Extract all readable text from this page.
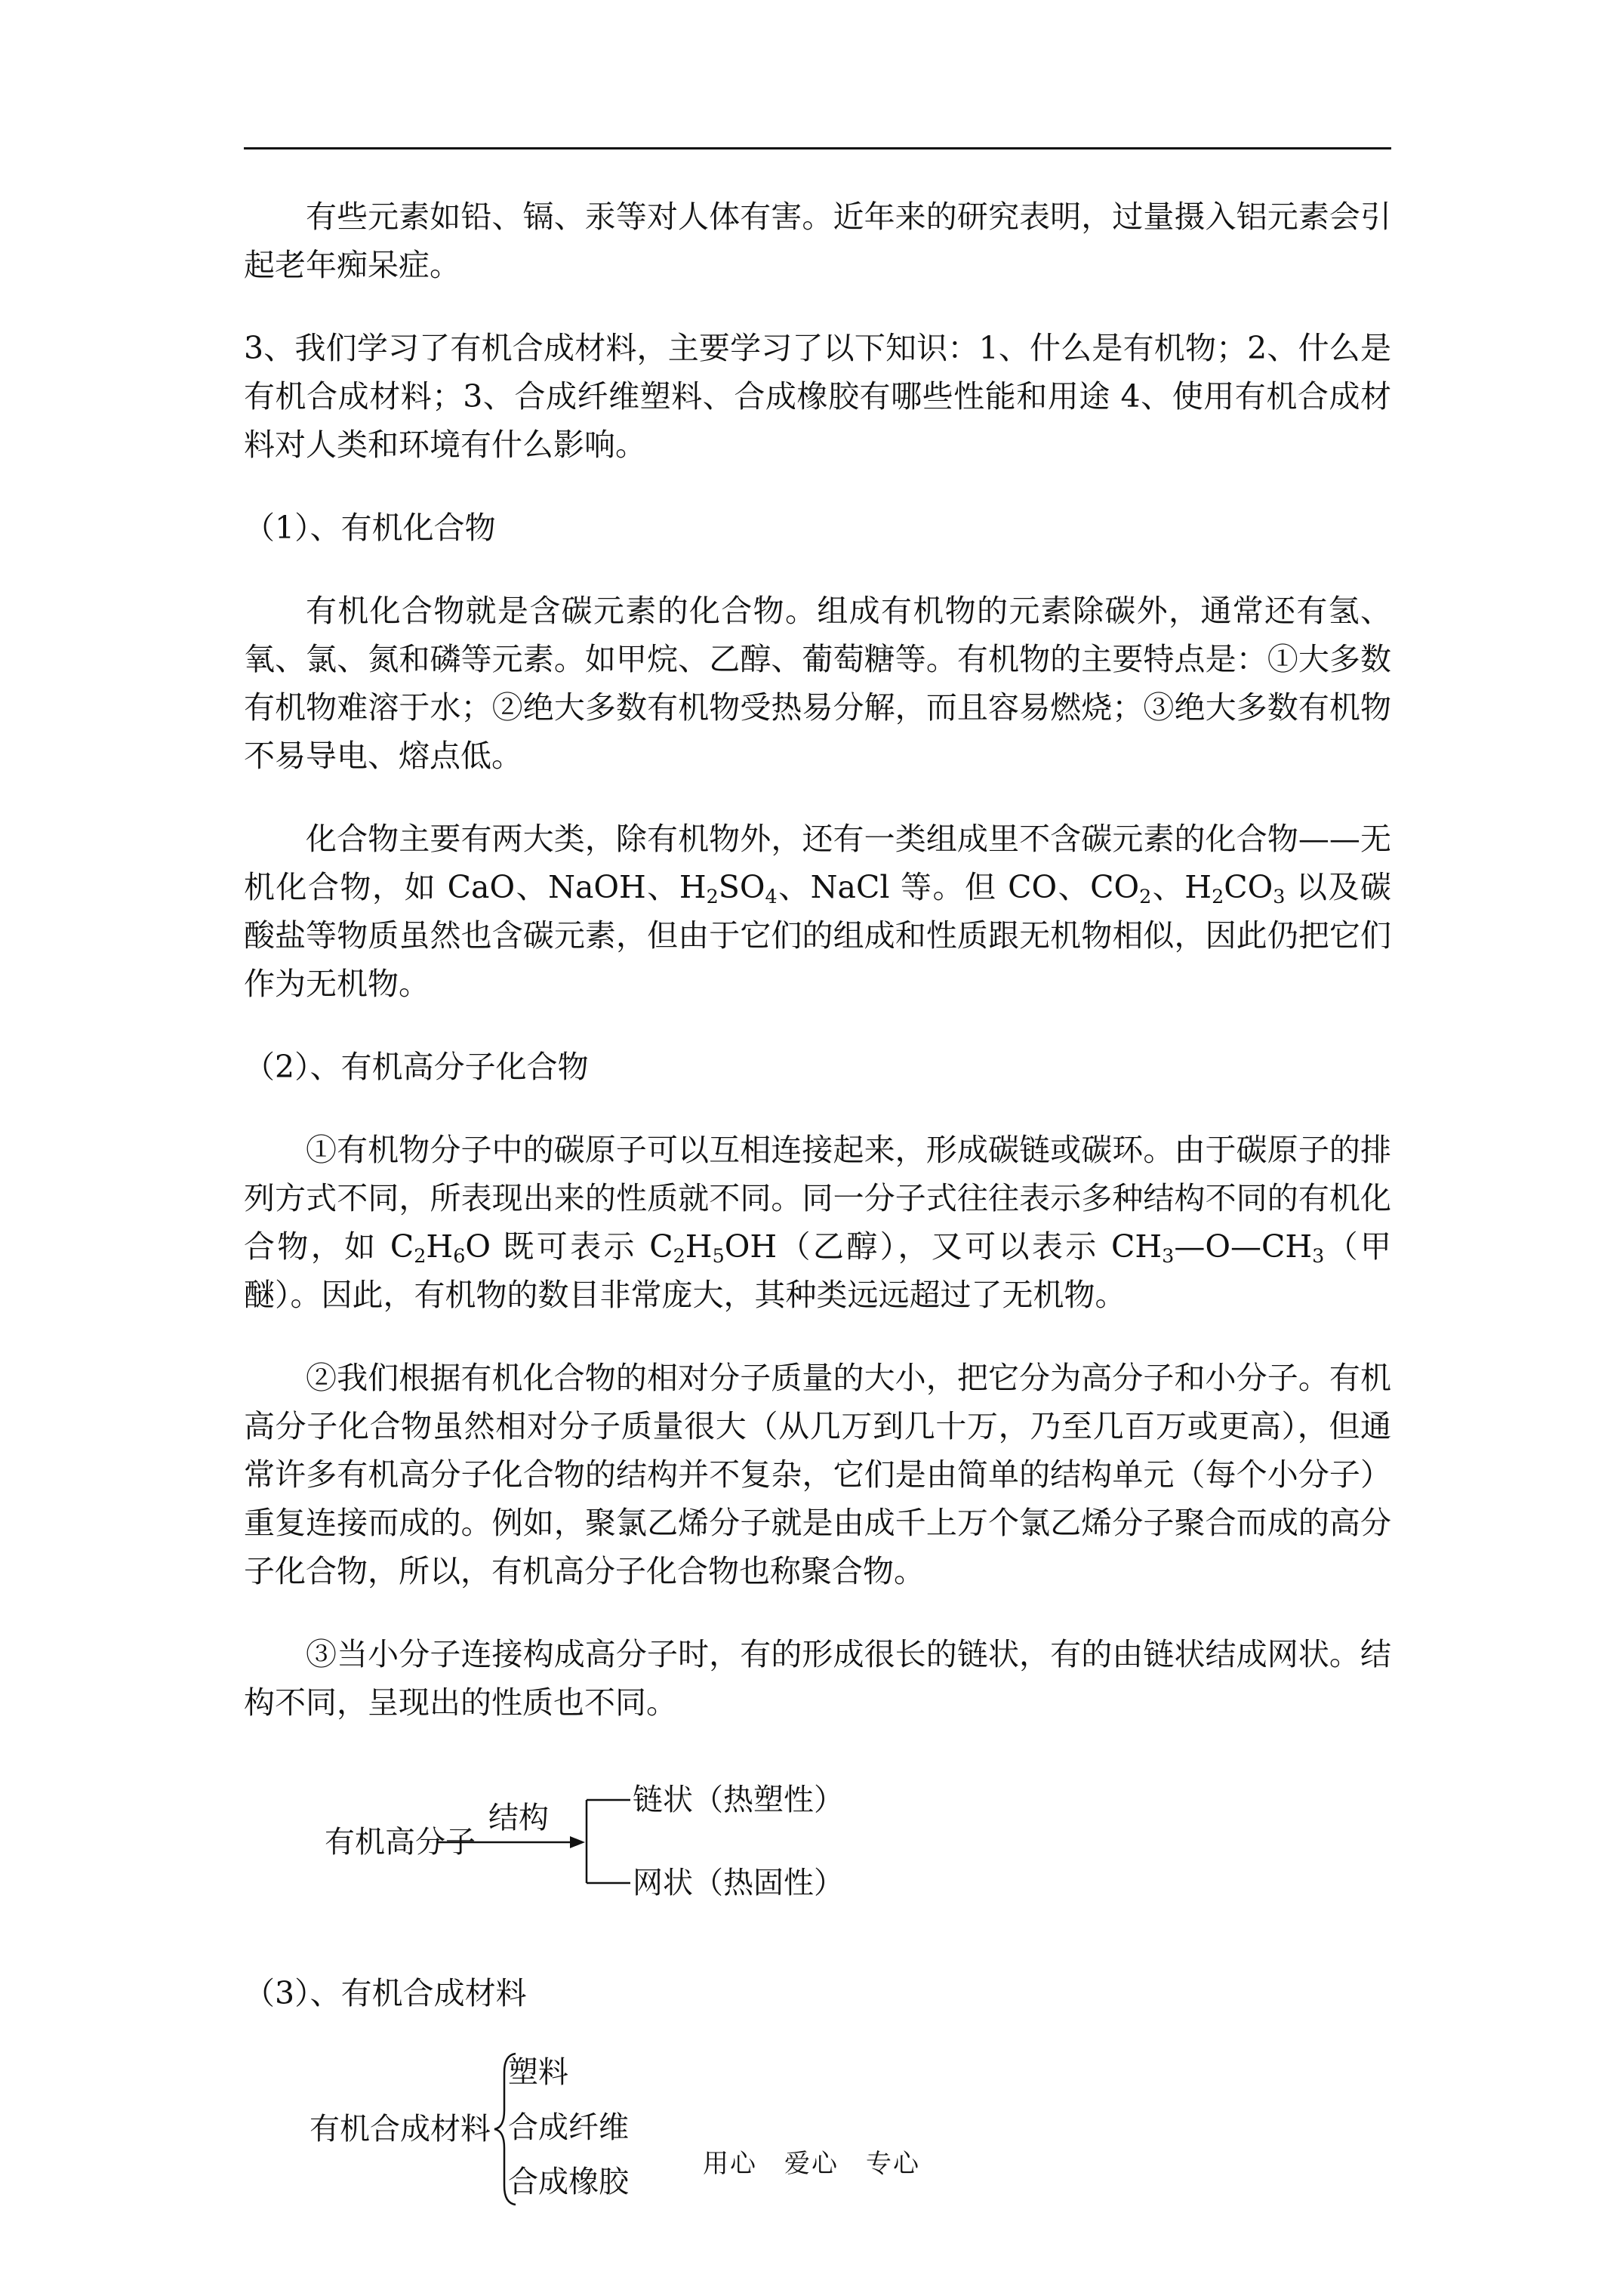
有些元素如铅、镉、汞等对人体有害。近年来的研究表明，过量摄入铝元素会引起老年痴呆症。

3、我们学习了有机合成材料，主要学习了以下知识：1、什么是有机物；2、什么是有机合成材料；3、合成纤维塑料、合成橡胶有哪些性能和用途 4、使用有机合成材料对人类和环境有什么影响。

（1）、有机化合物

有机化合物就是含碳元素的化合物。组成有机物的元素除碳外，通常还有氢、氧、氯、氮和磷等元素。如甲烷、乙醇、葡萄糖等。有机物的主要特点是：①大多数有机物难溶于水；②绝大多数有机物受热易分解，而且容易燃烧；③绝大多数有机物不易导电、熔点低。

化合物主要有两大类，除有机物外，还有一类组成里不含碳元素的化合物——无机化合物，如 CaO、NaOH、$H_2SO_4$、NaCl 等。但 CO、$CO_2$、$H_2CO_3$ 以及碳酸盐等物质虽然也含碳元素，但由于它们的组成和性质跟无机物相似，因此仍把它们作为无机物。

（2）、有机高分子化合物

①有机物分子中的碳原子可以互相连接起来，形成碳链或碳环。由于碳原子的排列方式不同，所表现出来的性质就不同。同一分子式往往表示多种结构不同的有机化合物，如 $C_2H_6O$ 既可表示 $C_2H_5OH$（乙醇），又可以表示 $CH_3—O—CH_3$（甲醚）。因此，有机物的数目非常庞大，其种类远远超过了无机物。

②我们根据有机化合物的相对分子质量的大小，把它分为高分子和小分子。有机高分子化合物虽然相对分子质量很大（从几万到几十万，乃至几百万或更高），但通常许多有机高分子化合物的结构并不复杂，它们是由简单的结构单元（每个小分子）重复连接而成的。例如，聚氯乙烯分子就是由成千上万个氯乙烯分子聚合而成的高分子化合物，所以，有机高分子化合物也称聚合物。

③当小分子连接构成高分子时，有的形成很长的链状，有的由链状结成网状。结构不同，呈现出的性质也不同。

有机高分子
结构
链状（热塑性）
网状（热固性）

（3）、有机合成材料

有机合成材料
塑料
合成纤维
合成橡胶
用心 爱心 专心
